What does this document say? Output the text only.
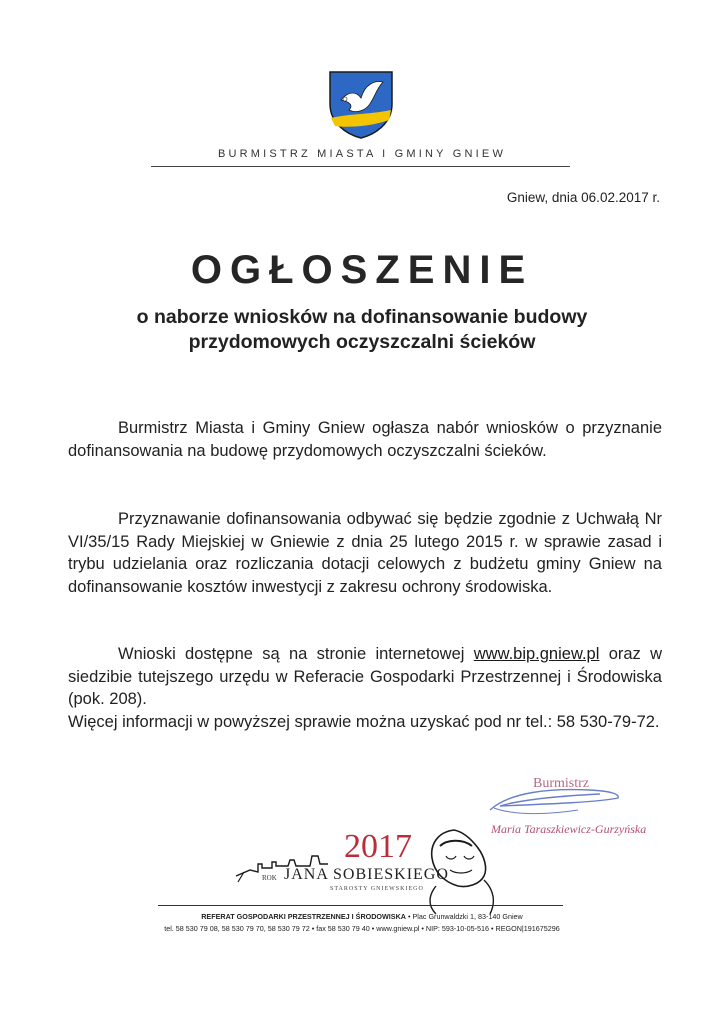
BURMISTRZ MIASTA I GMINY GNIEW
Gniew, dnia 06.02.2017 r.
OGŁOSZENIE
o naborze wniosków na dofinansowanie budowy
przydomowych oczyszczalni ścieków

Burmistrz Miasta i Gminy Gniew ogłasza nabór wniosków o przyznanie dofinansowania na budowę przydomowych oczyszczalni ścieków.

Przyznawanie dofinansowania odbywać się będzie zgodnie z Uchwałą Nr VI/35/15 Rady Miejskiej w Gniewie z dnia 25 lutego 2015 r. w sprawie zasad i trybu udzielania oraz rozliczania dotacji celowych z budżetu gminy Gniew na dofinansowanie kosztów inwestycji z zakresu ochrony środowiska.

Wnioski dostępne są na stronie internetowej www.bip.gniew.pl oraz w siedzibie tutejszego urzędu w Referacie Gospodarki Przestrzennej i Środowiska (pok. 208).

Więcej informacji w powyższej sprawie można uzyskać pod nr tel.: 58 530-79-72.

Burmistrz
Maria Taraszkiewicz-Gurzyńska
2017
ROK JANA SOBIESKIEGO
STAROSTY GNIEWSKIEGO
REFERAT GOSPODARKI PRZESTRZENNEJ I ŚRODOWISKA • Plac Grunwaldzki 1, 83-140 Gniew
tel. 58 530 79 08, 58 530 79 70, 58 530 79 72 • fax 58 530 79 40 • www.gniew.pl • NIP: 593-10-05-516 • REGON|191675296
